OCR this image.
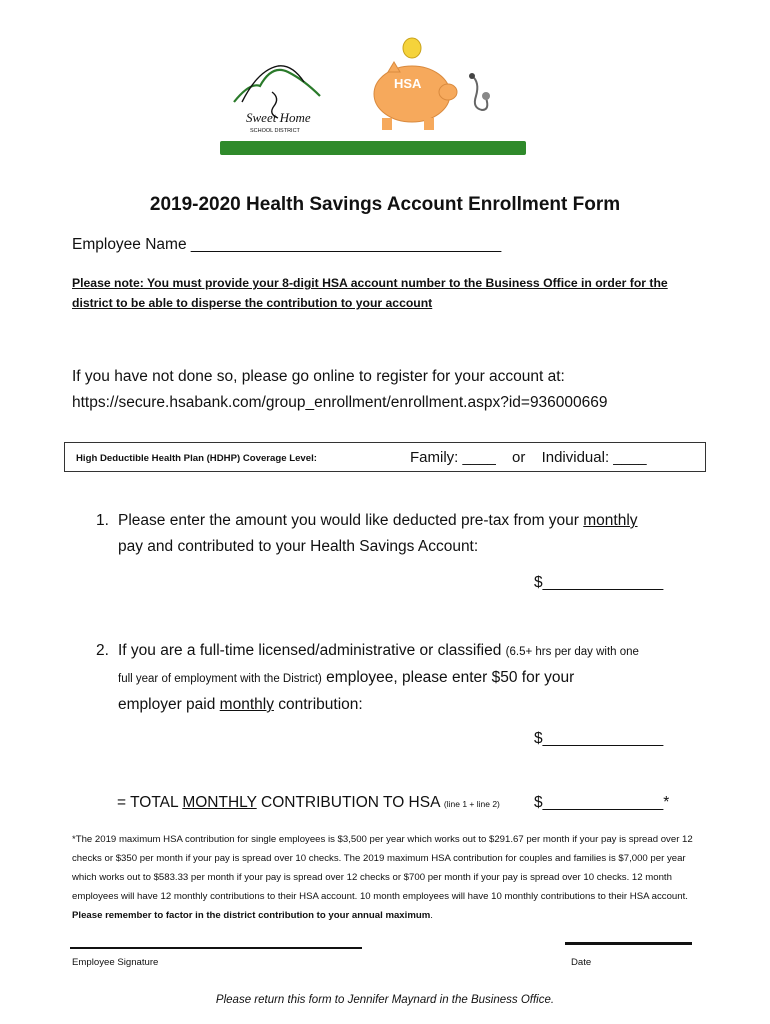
Sweet Home
SCHOOL DISTRICT
HSA
2019-2020 Health Savings Account Enrollment Form
Employee Name ____________________________________
Please note: You must provide your 8-digit HSA account number to the Business Office in order for the district to be able to disperse the contribution to your account
If you have not done so, please go online to register for your account at:
https://secure.hsabank.com/group_enrollment/enrollment.aspx?id=936000669
High Deductible Health Plan (HDHP) Coverage Level:	Family: ____ or Individual: ____
1. Please enter the amount you would like deducted pre-tax from your monthly
pay and contributed to your Health Savings Account:
$______________
2. If you are a full-time licensed/administrative or classified (6.5+ hrs per day with one
full year of employment with the District) employee, please enter $50 for your
employer paid monthly contribution:
$______________
= TOTAL MONTHLY CONTRIBUTION TO HSA (line 1 + line 2) $______________*
*The 2019 maximum HSA contribution for single employees is $3,500 per year which works out to $291.67 per month if your pay is spread over 12 checks or $350 per month if your pay is spread over 10 checks. The 2019 maximum HSA contribution for couples and families is $7,000 per year which works out to $583.33 per month if your pay is spread over 12 checks or $700 per month if your pay is spread over 10 checks. 12 month employees will have 12 monthly contributions to their HSA account. 10 month employees will have 10 monthly contributions to their HSA account. Please remember to factor in the district contribution to your annual maximum.
Employee Signature	Date
Please return this form to Jennifer Maynard in the Business Office.
